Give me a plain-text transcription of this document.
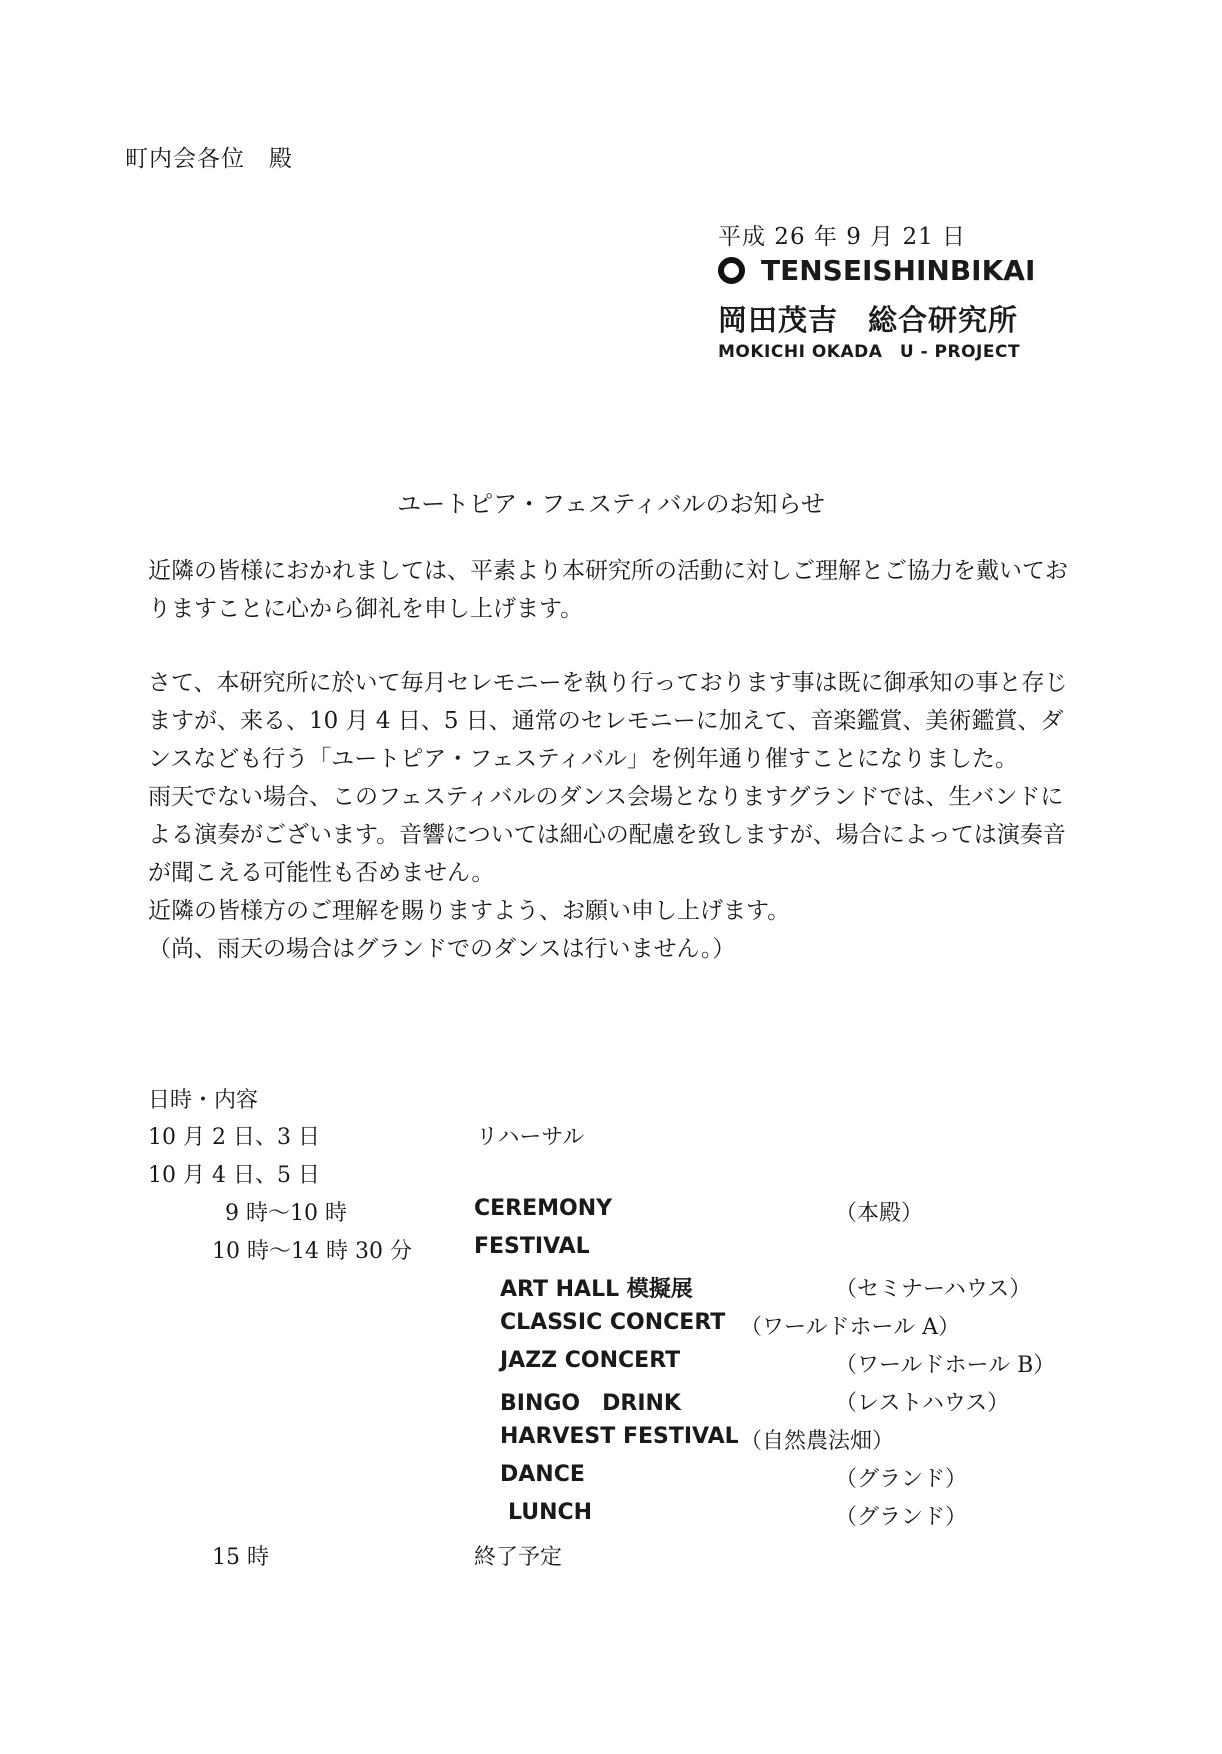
町内会各位　殿
平成 26 年 9 月 21 日
TENSEISHINBIKAI
岡田茂吉　総合研究所
MOKICHI OKADA　U - PROJECT
ユートピア・フェスティバルのお知らせ

近隣の皆様におかれましては、平素より本研究所の活動に対しご理解とご協力を戴いておりますことに心から御礼を申し上げます。

さて、本研究所に於いて毎月セレモニーを執り行っております事は既に御承知の事と存じますが、来る、10 月 4 日、5 日、通常のセレモニーに加えて、音楽鑑賞、美術鑑賞、ダンスなども行う「ユートピア・フェスティバル」を例年通り催すことになりました。

雨天でない場合、このフェスティバルのダンス会場となりますグランドでは、生バンドによる演奏がございます。音響については細心の配慮を致しますが、場合によっては演奏音が聞こえる可能性も否めません。

近隣の皆様方のご理解を賜りますよう、お願い申し上げます。

（尚、雨天の場合はグランドでのダンスは行いません。）

日時・内容
10 月 2 日、3 日	リハーサル
10 月 4 日、5 日
9 時～10 時	CEREMONY	（本殿）
10 時～14 時 30 分	FESTIVAL
ART HALL 模擬展	（セミナーハウス）
CLASSIC CONCERT （ワールドホール A）
JAZZ CONCERT	（ワールドホール B）
BINGO　DRINK	（レストハウス）
HARVEST FESTIVAL （自然農法畑）
DANCE	（グランド）
LUNCH	（グランド）
15 時	終了予定
